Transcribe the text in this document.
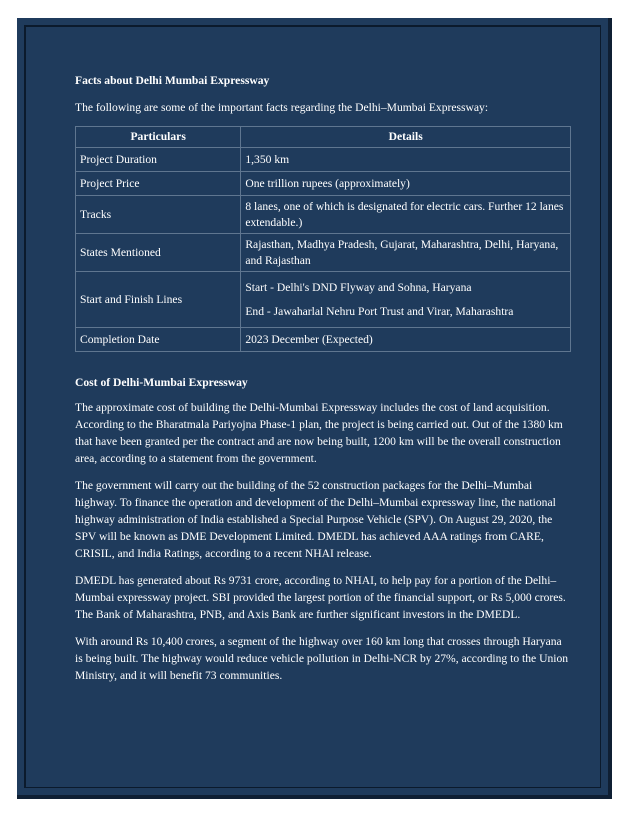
Facts about Delhi Mumbai Expressway
The following are some of the important facts regarding the Delhi–Mumbai Expressway:
Particulars	Details
Project Duration	1,350 km
Project Price	One trillion rupees (approximately)
Tracks	8 lanes, one of which is designated for electric cars. Further 12 lanes extendable.)
States Mentioned	Rajasthan, Madhya Pradesh, Gujarat, Maharashtra, Delhi, Haryana, and Rajasthan
Start and Finish Lines	Start - Delhi's DND Flyway and Sohna, Haryana
End - Jawaharlal Nehru Port Trust and Virar, Maharashtra

Completion Date	2023 December (Expected)
Cost of Delhi-Mumbai Expressway
The approximate cost of building the Delhi-Mumbai Expressway includes the cost of land acquisition. According to the Bharatmala Pariyojna Phase-1 plan, the project is being carried out. Out of the 1380 km that have been granted per the contract and are now being built, 1200 km will be the overall construction area, according to a statement from the government.
The government will carry out the building of the 52 construction packages for the Delhi–Mumbai highway. To finance the operation and development of the Delhi–Mumbai expressway line, the national highway administration of India established a Special Purpose Vehicle (SPV). On August 29, 2020, the SPV will be known as DME Development Limited. DMEDL has achieved AAA ratings from CARE, CRISIL, and India Ratings, according to a recent NHAI release.
DMEDL has generated about Rs 9731 crore, according to NHAI, to help pay for a portion of the Delhi–Mumbai expressway project. SBI provided the largest portion of the financial support, or Rs 5,000 crores. The Bank of Maharashtra, PNB, and Axis Bank are further significant investors in the DMEDL.
With around Rs 10,400 crores, a segment of the highway over 160 km long that crosses through Haryana is being built. The highway would reduce vehicle pollution in Delhi-NCR by 27%, according to the Union Ministry, and it will benefit 73 communities.
